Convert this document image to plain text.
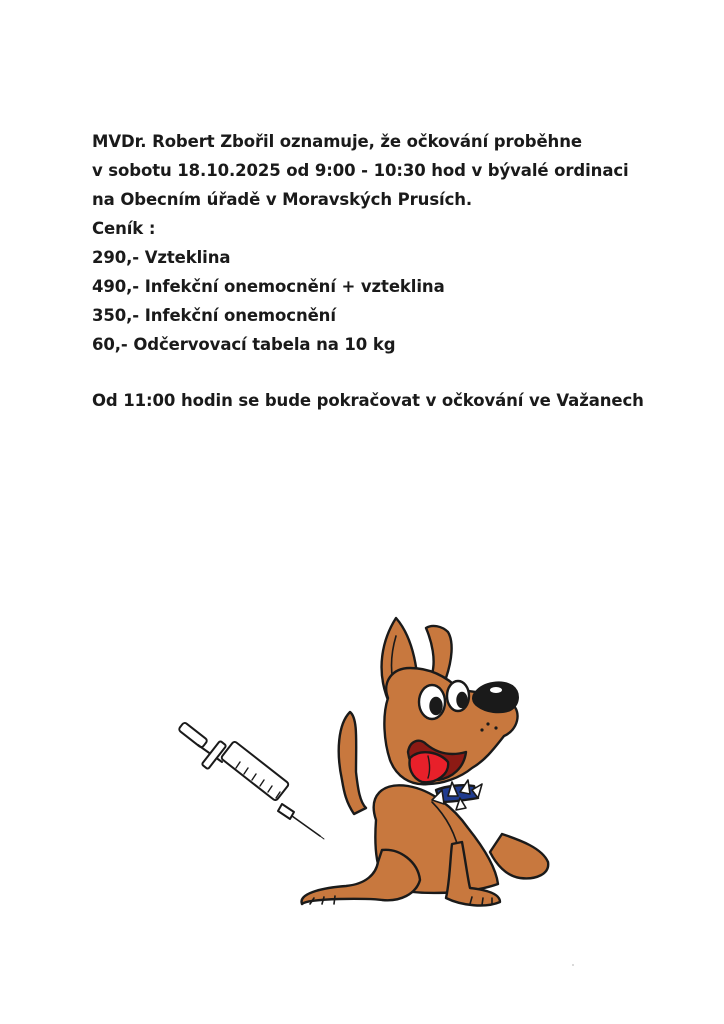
MVDr. Robert Zbořil oznamuje, že očkování proběhne
v sobotu 18.10.2025 od 9:00 - 10:30 hod v bývalé ordinaci
na Obecním úřadě v Moravských Prusích.
Ceník :
290,- Vzteklina
490,- Infekční onemocnění + vzteklina
350,- Infekční onemocnění
60,- Odčervovací tabela na 10 kg
Od 11:00 hodin se bude pokračovat v očkování ve Važanech
